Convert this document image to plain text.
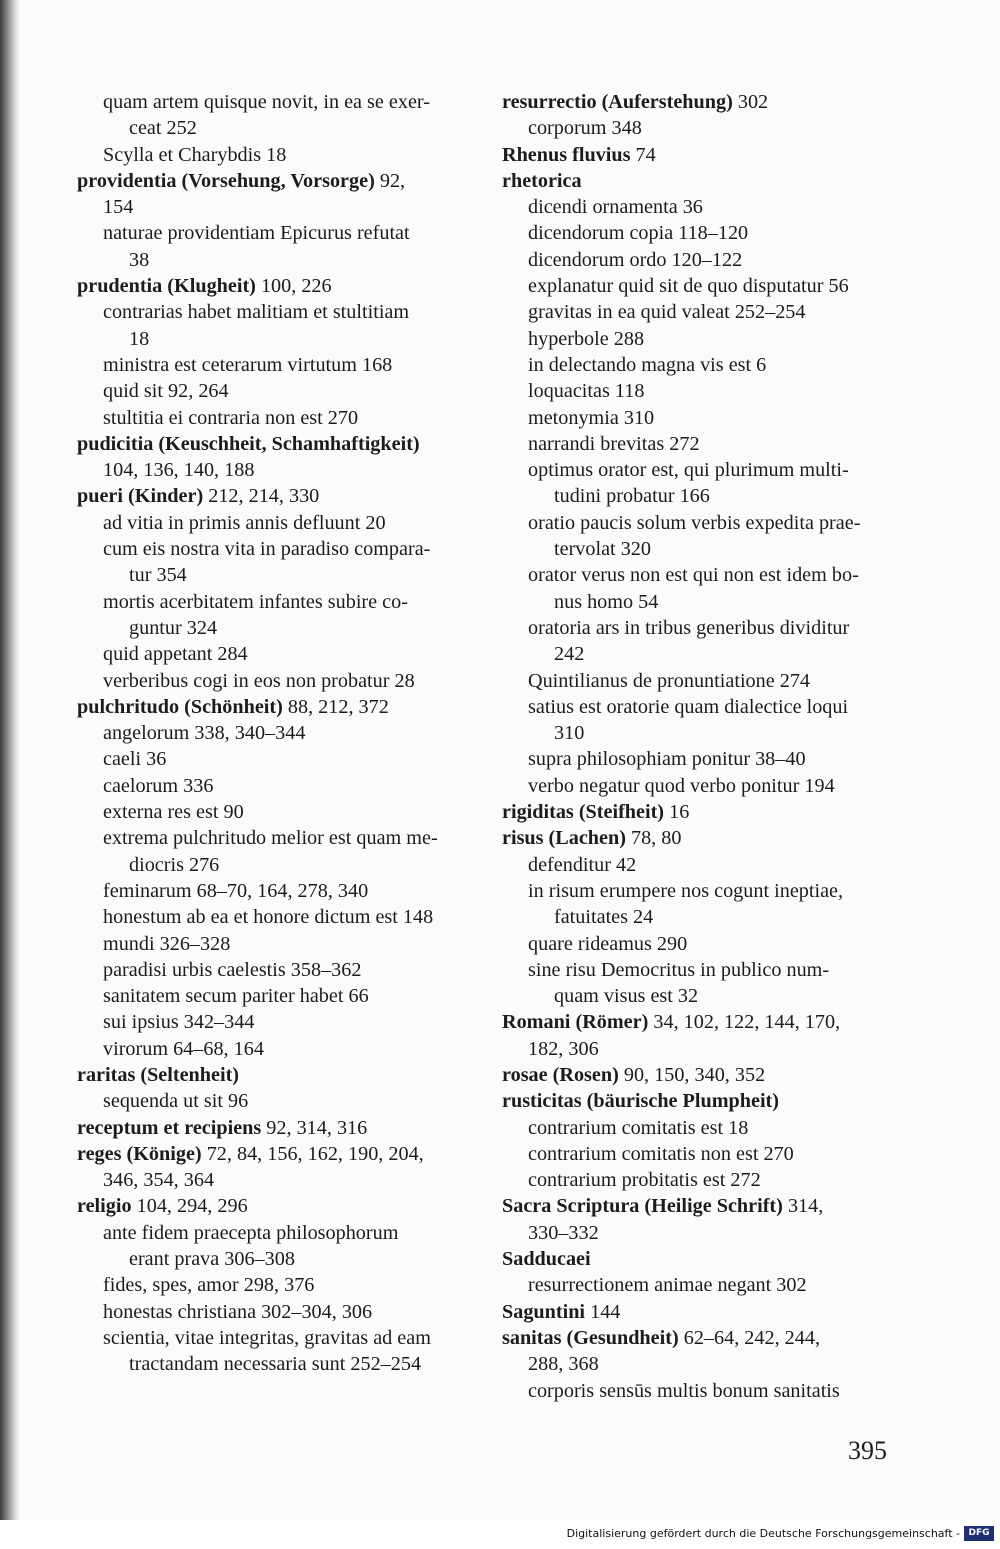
quam artem quisque novit, in ea se exer-
ceat 252
Scylla et Charybdis 18
providentia (Vorsehung, Vorsorge) 92,
154
naturae providentiam Epicurus refutat
38
prudentia (Klugheit) 100, 226
contrarias habet malitiam et stultitiam
18
ministra est ceterarum virtutum 168
quid sit 92, 264
stultitia ei contraria non est 270
pudicitia (Keuschheit, Schamhaftigkeit)
104, 136, 140, 188
pueri (Kinder) 212, 214, 330
ad vitia in primis annis defluunt 20
cum eis nostra vita in paradiso compara-
tur 354
mortis acerbitatem infantes subire co-
guntur 324
quid appetant 284
verberibus cogi in eos non probatur 28
pulchritudo (Schönheit) 88, 212, 372
angelorum 338, 340–344
caeli 36
caelorum 336
externa res est 90
extrema pulchritudo melior est quam me-
diocris 276
feminarum 68–70, 164, 278, 340
honestum ab ea et honore dictum est 148
mundi 326–328
paradisi urbis caelestis 358–362
sanitatem secum pariter habet 66
sui ipsius 342–344
virorum 64–68, 164
raritas (Seltenheit)
sequenda ut sit 96
receptum et recipiens 92, 314, 316
reges (Könige) 72, 84, 156, 162, 190, 204,
346, 354, 364
religio 104, 294, 296
ante fidem praecepta philosophorum
erant prava 306–308
fides, spes, amor 298, 376
honestas christiana 302–304, 306
scientia, vitae integritas, gravitas ad eam
tractandam necessaria sunt 252–254
resurrectio (Auferstehung) 302
corporum 348
Rhenus fluvius 74
rhetorica
dicendi ornamenta 36
dicendorum copia 118–120
dicendorum ordo 120–122
explanatur quid sit de quo disputatur 56
gravitas in ea quid valeat 252–254
hyperbole 288
in delectando magna vis est 6
loquacitas 118
metonymia 310
narrandi brevitas 272
optimus orator est, qui plurimum multi-
tudini probatur 166
oratio paucis solum verbis expedita prae-
tervolat 320
orator verus non est qui non est idem bo-
nus homo 54
oratoria ars in tribus generibus dividitur
242
Quintilianus de pronuntiatione 274
satius est oratorie quam dialectice loqui
310
supra philosophiam ponitur 38–40
verbo negatur quod verbo ponitur 194
rigiditas (Steifheit) 16
risus (Lachen) 78, 80
defenditur 42
in risum erumpere nos cogunt ineptiae,
fatuitates 24
quare rideamus 290
sine risu Democritus in publico num-
quam visus est 32
Romani (Römer) 34, 102, 122, 144, 170,
182, 306
rosae (Rosen) 90, 150, 340, 352
rusticitas (bäurische Plumpheit)
contrarium comitatis est 18
contrarium comitatis non est 270
contrarium probitatis est 272
Sacra Scriptura (Heilige Schrift) 314,
330–332
Sadducaei
resurrectionem animae negant 302
Saguntini 144
sanitas (Gesundheit) 62–64, 242, 244,
288, 368
corporis sensūs multis bonum sanitatis
395
Digitalisierung gefördert durch die Deutsche Forschungsgemeinschaft - DFG
